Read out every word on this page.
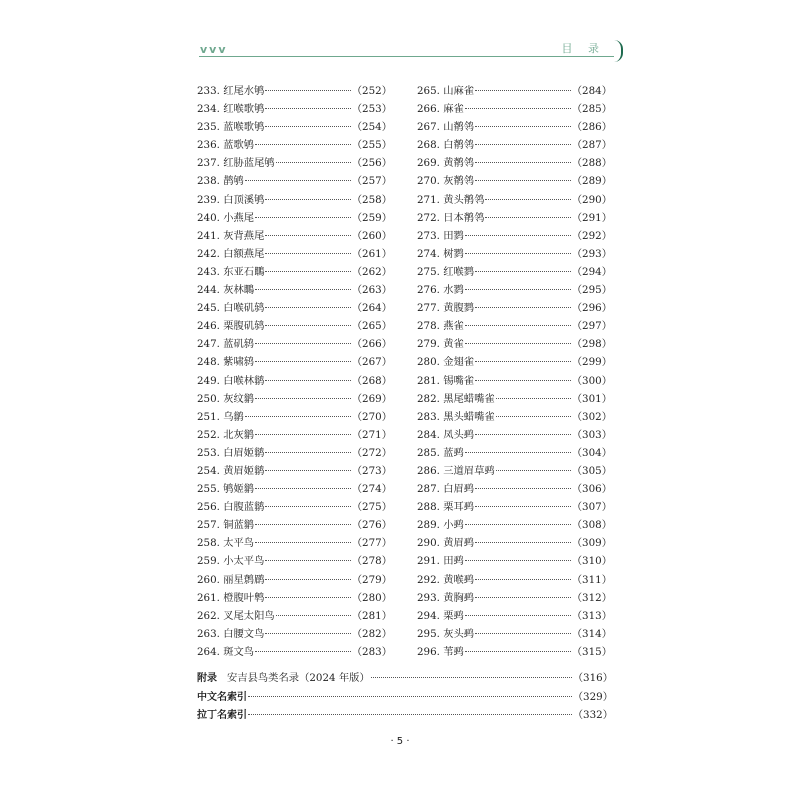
v v v	目 录
233. 红尾水鸲	（252）
234. 红喉歌鸲	（253）
235. 蓝喉歌鸲	（254）
236. 蓝歌鸲	（255）
237. 红胁蓝尾鸲	（256）
238. 鹊鸲	（257）
239. 白顶溪鸲	（258）
240. 小燕尾	（259）
241. 灰背燕尾	（260）
242. 白额燕尾	（261）
243. 东亚石䳭	（262）
244. 灰林䳭	（263）
245. 白喉矶鸫	（264）
246. 栗腹矶鸫	（265）
247. 蓝矶鸫	（266）
248. 紫啸鸫	（267）
249. 白喉林鹟	（268）
250. 灰纹鹟	（269）
251. 乌鹟	（270）
252. 北灰鹟	（271）
253. 白眉姬鹟	（272）
254. 黄眉姬鹟	（273）
255. 鸲姬鹟	（274）
256. 白腹蓝鹟	（275）
257. 铜蓝鹟	（276）
258. 太平鸟	（277）
259. 小太平鸟	（278）
260. 丽星鹩鹛	（279）
261. 橙腹叶鹎	（280）
262. 叉尾太阳鸟	（281）
263. 白腰文鸟	（282）
264. 斑文鸟	（283）
265. 山麻雀	（284）
266. 麻雀	（285）
267. 山鹡鸰	（286）
268. 白鹡鸰	（287）
269. 黄鹡鸰	（288）
270. 灰鹡鸰	（289）
271. 黄头鹡鸰	（290）
272. 日本鹡鸰	（291）
273. 田鹨	（292）
274. 树鹨	（293）
275. 红喉鹨	（294）
276. 水鹨	（295）
277. 黄腹鹨	（296）
278. 燕雀	（297）
279. 黄雀	（298）
280. 金翅雀	（299）
281. 锡嘴雀	（300）
282. 黑尾蜡嘴雀	（301）
283. 黑头蜡嘴雀	（302）
284. 凤头鹀	（303）
285. 蓝鹀	（304）
286. 三道眉草鹀	（305）
287. 白眉鹀	（306）
288. 栗耳鹀	（307）
289. 小鹀	（308）
290. 黄眉鹀	（309）
291. 田鹀	（310）
292. 黄喉鹀	（311）
293. 黄胸鹀	（312）
294. 栗鹀	（313）
295. 灰头鹀	（314）
296. 苇鹀	（315）
附录 安吉县鸟类名录（2024 年版）	（316）
中文名索引	（329）
拉丁名索引	（332）
· 5 ·
